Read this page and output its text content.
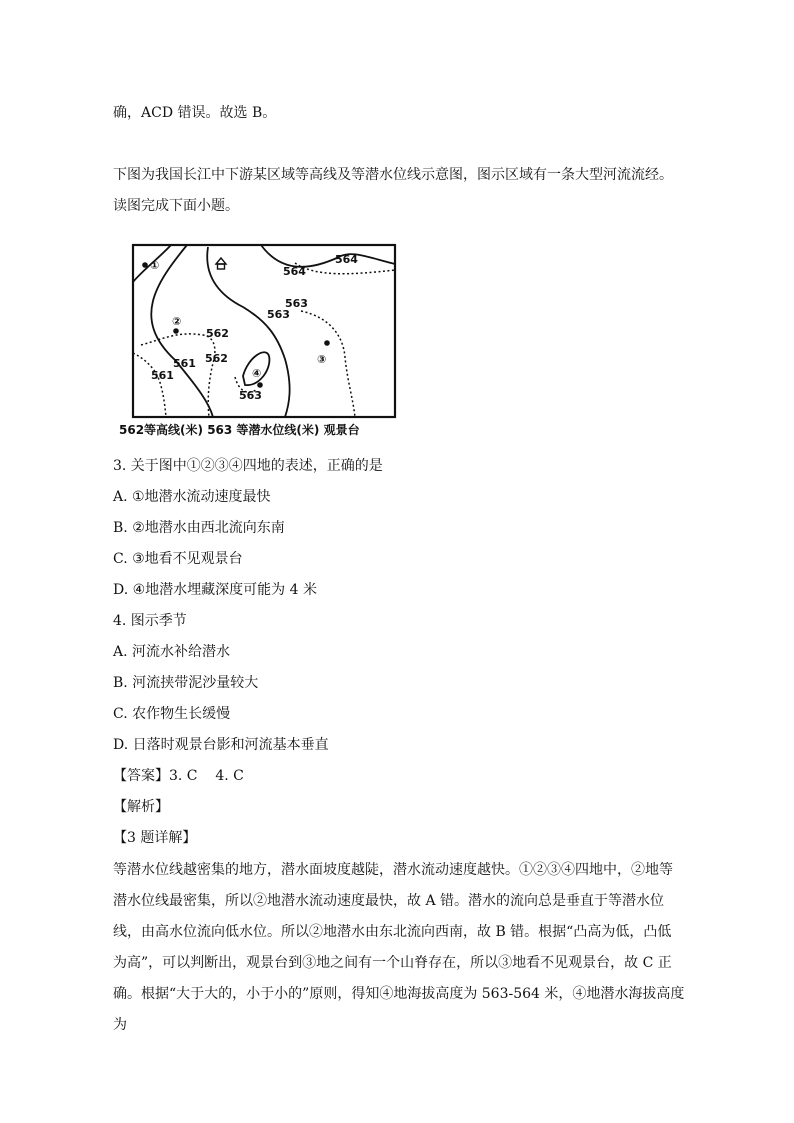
确，ACD 错误。故选 B。
下图为我国长江中下游某区域等高线及等潜水位线示意图，图示区域有一条大型河流流经。
读图完成下面小题。
①
②
③
④
564
564
563
563
563
562
562
561
561
562等高线(米) 563 等潜水位线(米) 观景台
3. 关于图中①②③④四地的表述，正确的是
A. ①地潜水流动速度最快
B. ②地潜水由西北流向东南
C. ③地看不见观景台
D. ④地潜水埋藏深度可能为 4 米
4. 图示季节
A. 河流水补给潜水
B. 河流挟带泥沙量较大
C. 农作物生长缓慢
D. 日落时观景台影和河流基本垂直
【答案】3. C    4. C
【解析】
【3 题详解】
等潜水位线越密集的地方，潜水面坡度越陡，潜水流动速度越快。①②③④四地中，②地等潜水位线最密集，所以②地潜水流动速度最快，故 A 错。潜水的流向总是垂直于等潜水位线，由高水位流向低水位。所以②地潜水由东北流向西南，故 B 错。根据“凸高为低，凸低为高”，可以判断出，观景台到③地之间有一个山脊存在，所以③地看不见观景台，故 C 正确。根据“大于大的，小于小的”原则，得知④地海拔高度为 563-564 米，④地潜水海拔高度为
